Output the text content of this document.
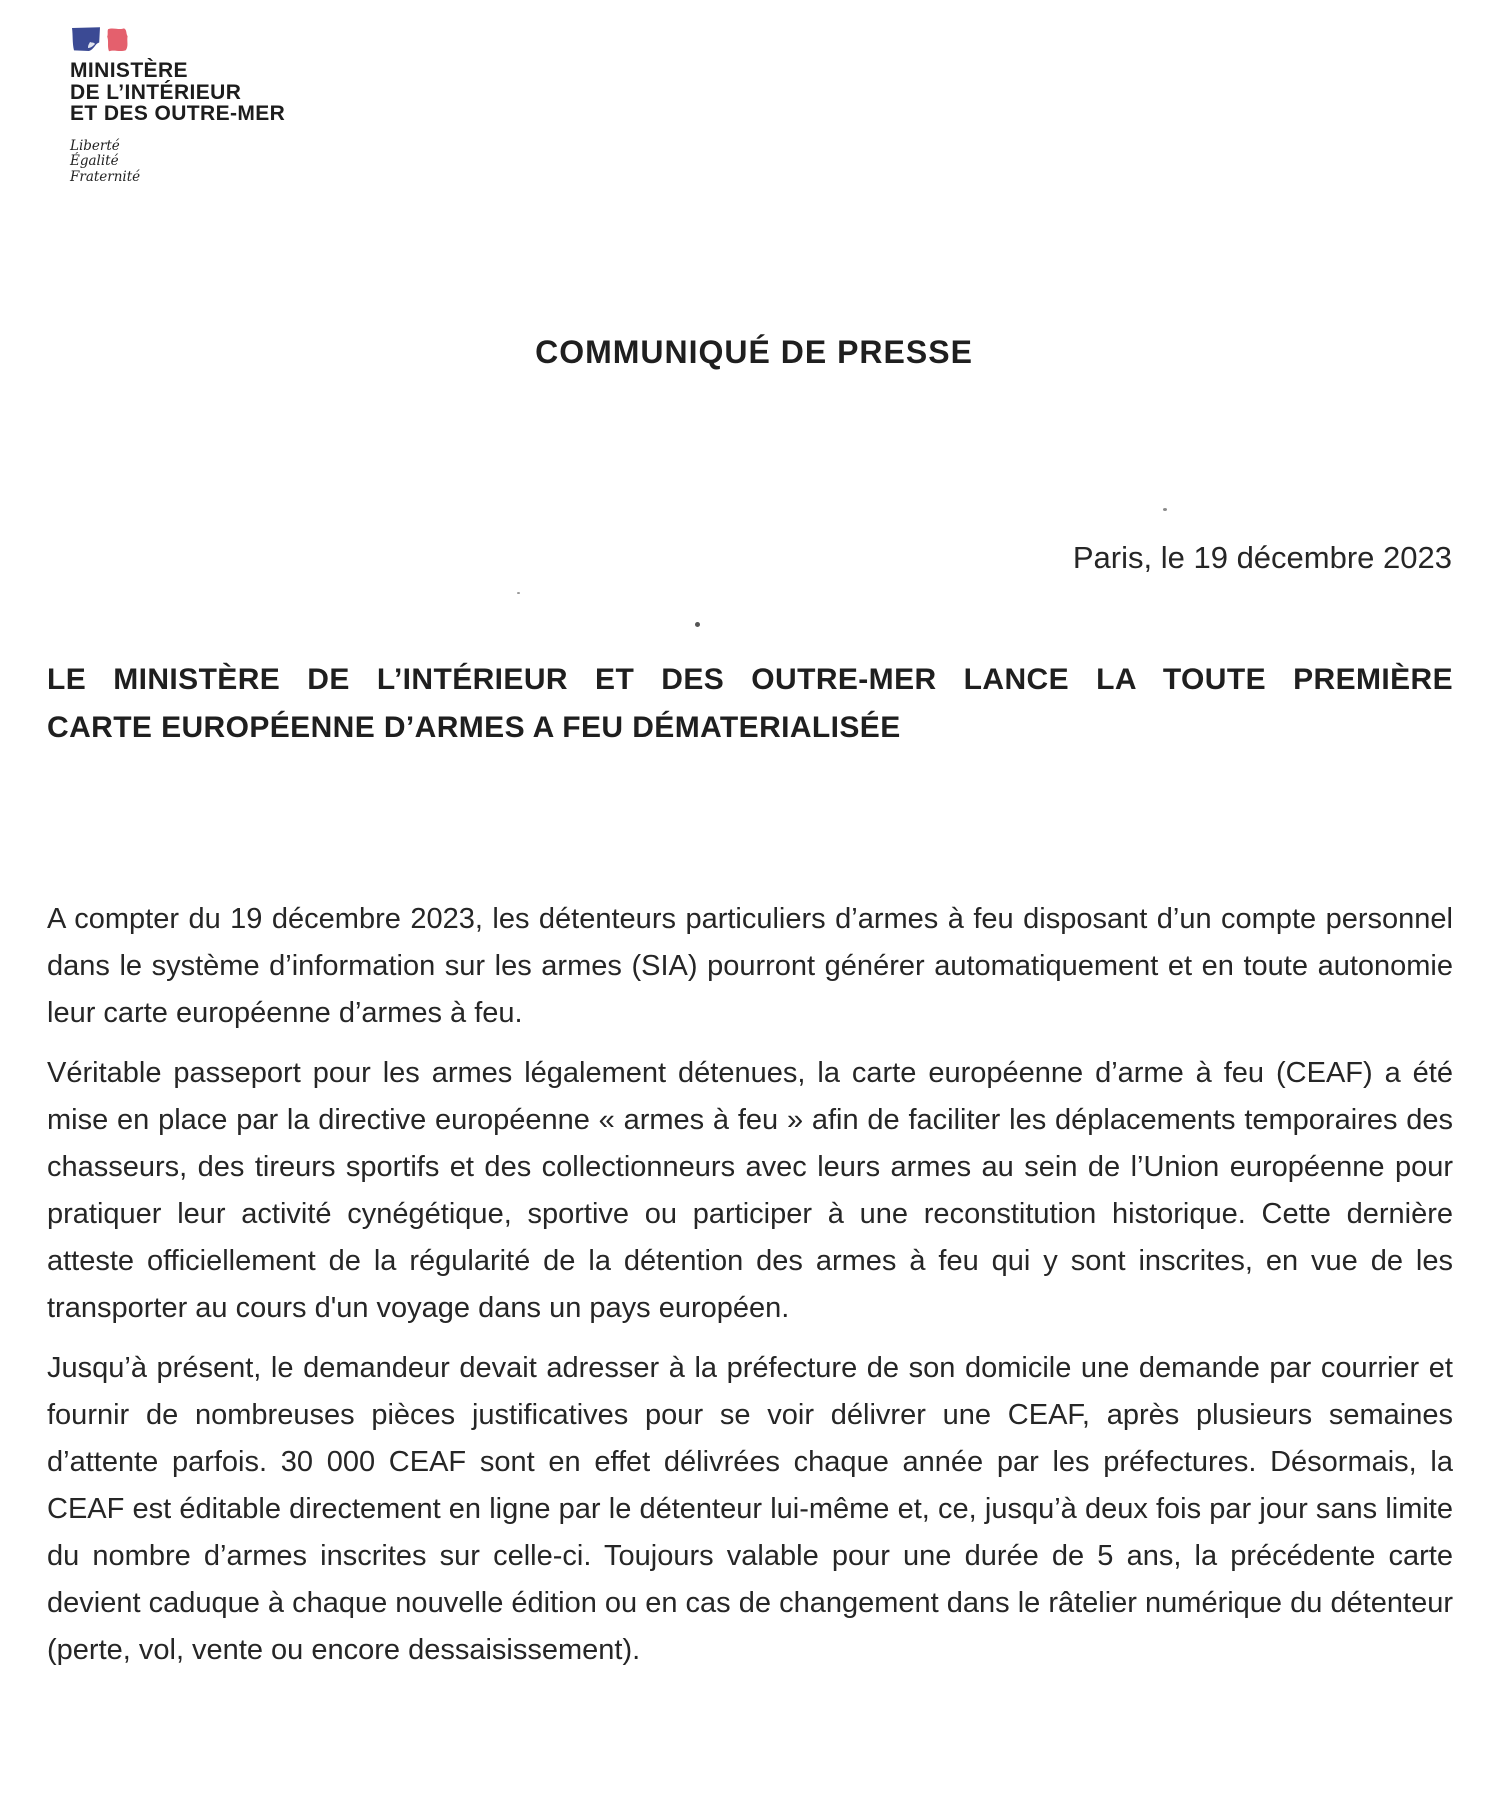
MINISTÈRE
DE L’INTÉRIEUR
ET DES OUTRE-MER
Liberté
Égalité
Fraternité
COMMUNIQUÉ DE PRESSE
Paris, le 19 décembre 2023
LE MINISTÈRE DE L’INTÉRIEUR ET DES OUTRE-MER LANCE LA TOUTE PREMIÈRE
CARTE EUROPÉENNE D’ARMES A FEU DÉMATERIALISÉE

A compter du 19 décembre 2023, les détenteurs particuliers d’armes à feu disposant d’un compte personnel dans le système d’information sur les armes (SIA) pourront générer automatiquement et en toute autonomie leur carte européenne d’armes à feu.

Véritable passeport pour les armes légalement détenues, la carte européenne d’arme à feu (CEAF) a été mise en place par la directive européenne « armes à feu » afin de faciliter les déplacements temporaires des chasseurs, des tireurs sportifs et des collectionneurs avec leurs armes au sein de l’Union européenne pour pratiquer leur activité cynégétique, sportive ou participer à une reconstitution historique. Cette dernière atteste officiellement de la régularité de la détention des armes à feu qui y sont inscrites, en vue de les transporter au cours d'un voyage dans un pays européen.

Jusqu’à présent, le demandeur devait adresser à la préfecture de son domicile une demande par courrier et fournir de nombreuses pièces justificatives pour se voir délivrer une CEAF, après plusieurs semaines d’attente parfois. 30 000 CEAF sont en effet délivrées chaque année par les préfectures. Désormais, la CEAF est éditable directement en ligne par le détenteur lui-même et, ce, jusqu’à deux fois par jour sans limite du nombre d’armes inscrites sur celle-ci. Toujours valable pour une durée de 5 ans, la précédente carte devient caduque à chaque nouvelle édition ou en cas de changement dans le râtelier numérique du détenteur (perte, vol, vente ou encore dessaisissement).
